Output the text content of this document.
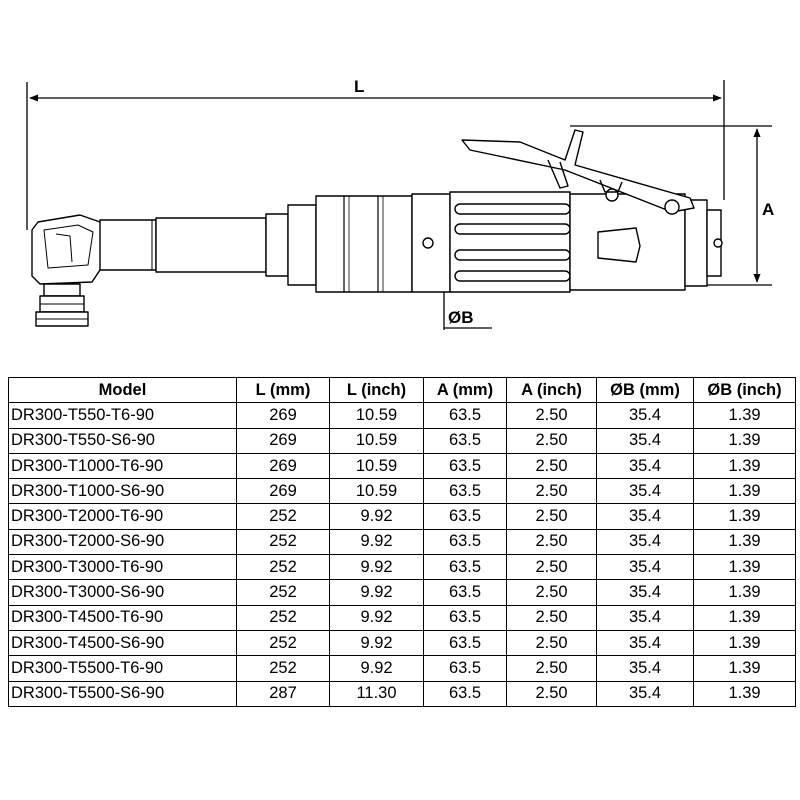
L
A
ØB
Model	L (mm)	L (inch)	A (mm)	A (inch)	ØB (mm)	ØB (inch)
DR300-T550-T6-90	269	10.59	63.5	2.50	35.4	1.39
DR300-T550-S6-90	269	10.59	63.5	2.50	35.4	1.39
DR300-T1000-T6-90	269	10.59	63.5	2.50	35.4	1.39
DR300-T1000-S6-90	269	10.59	63.5	2.50	35.4	1.39
DR300-T2000-T6-90	252	9.92	63.5	2.50	35.4	1.39
DR300-T2000-S6-90	252	9.92	63.5	2.50	35.4	1.39
DR300-T3000-T6-90	252	9.92	63.5	2.50	35.4	1.39
DR300-T3000-S6-90	252	9.92	63.5	2.50	35.4	1.39
DR300-T4500-T6-90	252	9.92	63.5	2.50	35.4	1.39
DR300-T4500-S6-90	252	9.92	63.5	2.50	35.4	1.39
DR300-T5500-T6-90	252	9.92	63.5	2.50	35.4	1.39
DR300-T5500-S6-90	287	11.30	63.5	2.50	35.4	1.39
